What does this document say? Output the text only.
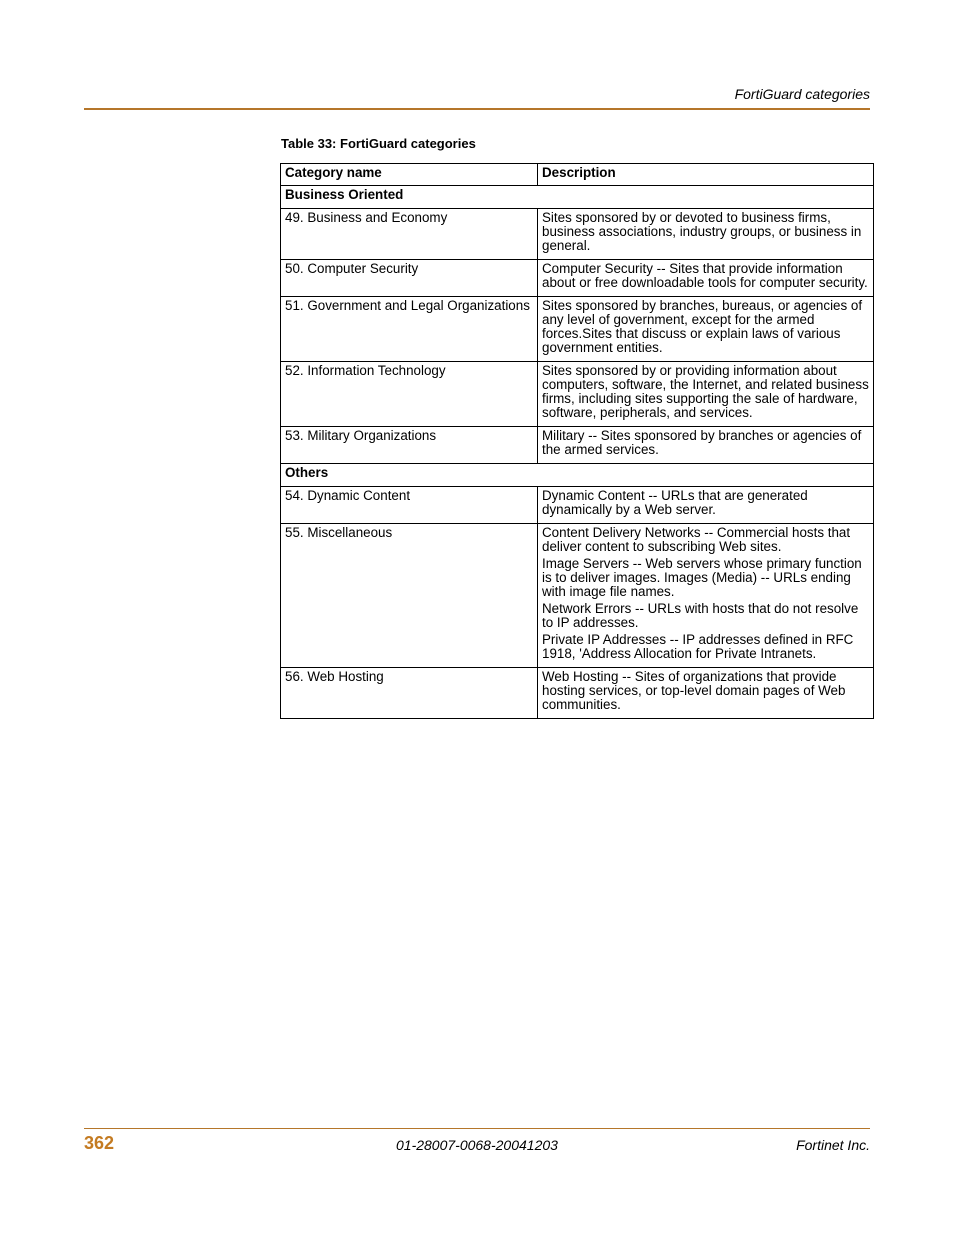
FortiGuard categories
Table 33: FortiGuard categories
Category name	Description
Business Oriented	
49. Business and Economy	Sites sponsored by or devoted to business firms, business associations, industry groups, or business in general.

50. Computer Security	Computer Security -- Sites that provide information about or free downloadable tools for computer security.

51. Government and Legal Organizations	Sites sponsored by branches, bureaus, or agencies of any level of government, except for the armed forces.Sites that discuss or explain laws of various government entities.

52. Information Technology	Sites sponsored by or providing information about computers, software, the Internet, and related business firms, including sites supporting the sale of hardware, software, peripherals, and services.

53. Military Organizations	Military -- Sites sponsored by branches or agencies of the armed services.

Others	
54. Dynamic Content	Dynamic Content -- URLs that are generated dynamically by a Web server.

55. Miscellaneous	Content Delivery Networks -- Commercial hosts that deliver content to subscribing Web sites.
Image Servers -- Web servers whose primary function is to deliver images. Images (Media) -- URLs ending with image file names.
Network Errors -- URLs with hosts that do not resolve to IP addresses.
Private IP Addresses -- IP addresses defined in RFC 1918, 'Address Allocation for Private Intranets.

56. Web Hosting	Web Hosting -- Sites of organizations that provide hosting services, or top-level domain pages of Web communities.
362	01-28007-0068-20041203	Fortinet Inc.
